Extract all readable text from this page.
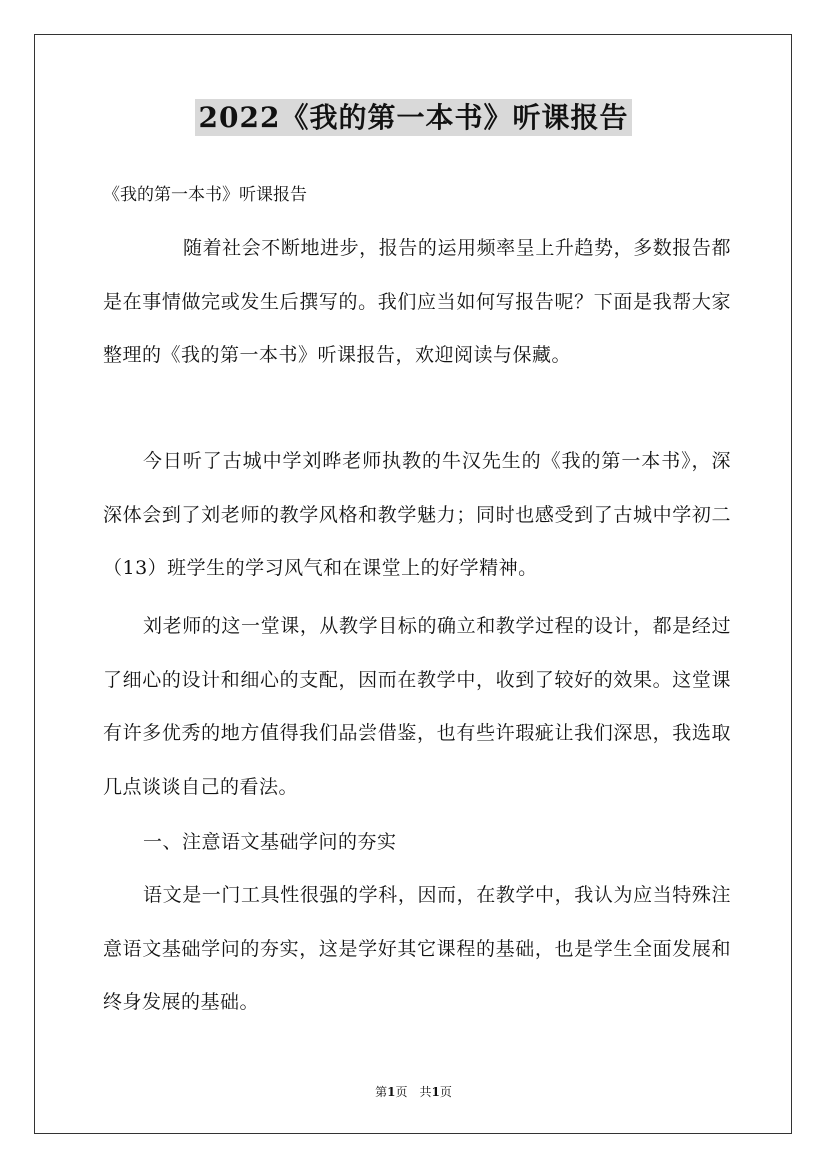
2022《我的第一本书》听课报告
《我的第一本书》听课报告

随着社会不断地进步，报告的运用频率呈上升趋势，多数报告都是在事情做完或发生后撰写的。我们应当如何写报告呢？下面是我帮大家整理的《我的第一本书》听课报告，欢迎阅读与保藏。

今日听了古城中学刘晔老师执教的牛汉先生的《我的第一本书》，深深体会到了刘老师的教学风格和教学魅力；同时也感受到了古城中学初二（13）班学生的学习风气和在课堂上的好学精神。

刘老师的这一堂课，从教学目标的确立和教学过程的设计，都是经过了细心的设计和细心的支配，因而在教学中，收到了较好的效果。这堂课有许多优秀的地方值得我们品尝借鉴，也有些许瑕疵让我们深思，我选取几点谈谈自己的看法。

一、注意语文基础学问的夯实

语文是一门工具性很强的学科，因而，在教学中，我认为应当特殊注意语文基础学问的夯实，这是学好其它课程的基础，也是学生全面发展和终身发展的基础。

第1页　共1页
